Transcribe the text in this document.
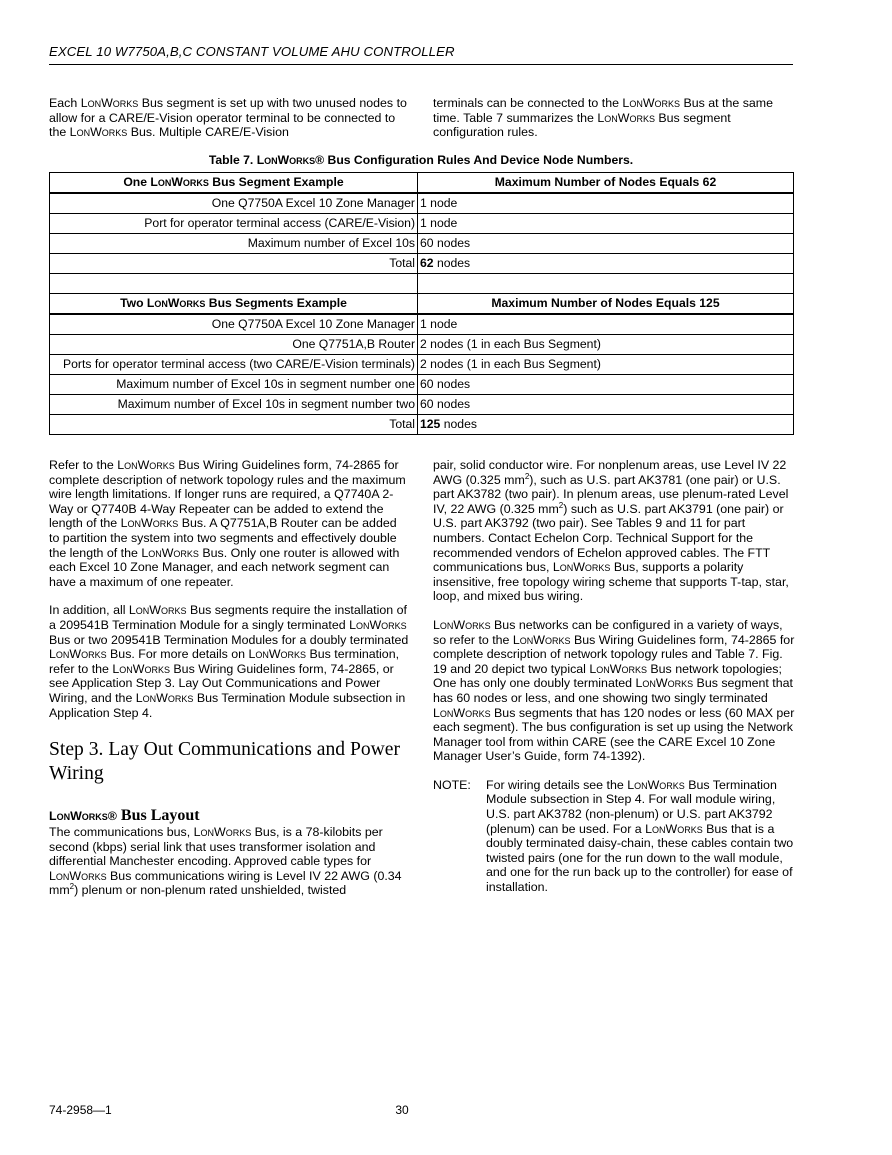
EXCEL 10 W7750A,B,C CONSTANT VOLUME AHU CONTROLLER

Each LonWorks Bus segment is set up with two unused nodes to allow for a CARE/E-Vision operator terminal to be connected to the LonWorks Bus. Multiple CARE/E-Vision

terminals can be connected to the LonWorks Bus at the same time. Table 7 summarizes the LonWorks Bus segment configuration rules.

Table 7. LonWorks® Bus Configuration Rules And Device Node Numbers.
One LonWorks Bus Segment Example	Maximum Number of Nodes Equals 62
One Q7750A Excel 10 Zone Manager	1 node
Port for operator terminal access (CARE/E-Vision)	1 node
Maximum number of Excel 10s	60 nodes
Total	62 nodes

Two LonWorks Bus Segments Example	Maximum Number of Nodes Equals 125
One Q7750A Excel 10 Zone Manager	1 node
One Q7751A,B Router	2 nodes (1 in each Bus Segment)
Ports for operator terminal access (two CARE/E-Vision terminals)	2 nodes (1 in each Bus Segment)
Maximum number of Excel 10s in segment number one	60 nodes
Maximum number of Excel 10s in segment number two	60 nodes
Total	125 nodes

Refer to the LonWorks Bus Wiring Guidelines form, 74-2865 for complete description of network topology rules and the maximum wire length limitations. If longer runs are required, a Q7740A 2-Way or Q7740B 4-Way Repeater can be added to extend the length of the LonWorks Bus. A Q7751A,B Router can be added to partition the system into two segments and effectively double the length of the LonWorks Bus. Only one router is allowed with each Excel 10 Zone Manager, and each network segment can have a maximum of one repeater.

In addition, all LonWorks Bus segments require the installation of a 209541B Termination Module for a singly terminated LonWorks Bus or two 209541B Termination Modules for a doubly terminated LonWorks Bus. For more details on LonWorks Bus termination, refer to the LonWorks Bus Wiring Guidelines form, 74-2865, or see Application Step 3. Lay Out Communications and Power Wiring, and the LonWorks Bus Termination Module subsection in Application Step 4.

Step 3. Lay Out Communications and Power Wiring
LonWorks® Bus Layout

The communications bus, LonWorks Bus, is a 78-kilobits per second (kbps) serial link that uses transformer isolation and differential Manchester encoding. Approved cable types for LonWorks Bus communications wiring is Level IV 22 AWG (0.34 $mm^2$) plenum or non-plenum rated unshielded, twisted

pair, solid conductor wire. For nonplenum areas, use Level IV 22 AWG (0.325 $mm^2$), such as U.S. part AK3781 (one pair) or U.S. part AK3782 (two pair). In plenum areas, use plenum-rated Level IV, 22 AWG (0.325 $mm^2$) such as U.S. part AK3791 (one pair) or U.S. part AK3792 (two pair). See Tables 9 and 11 for part numbers. Contact Echelon Corp. Technical Support for the recommended vendors of Echelon approved cables. The FTT communications bus, LonWorks Bus, supports a polarity insensitive, free topology wiring scheme that supports T-tap, star, loop, and mixed bus wiring.

LonWorks Bus networks can be configured in a variety of ways, so refer to the LonWorks Bus Wiring Guidelines form, 74-2865 for complete description of network topology rules and Table 7. Fig. 19 and 20 depict two typical LonWorks Bus network topologies; One has only one doubly terminated LonWorks Bus segment that has 60 nodes or less, and one showing two singly terminated LonWorks Bus segments that has 120 nodes or less (60 MAX per each segment). The bus configuration is set up using the Network Manager tool from within CARE (see the CARE Excel 10 Zone Manager User’s Guide, form 74-1392).

NOTE:	For wiring details see the LonWorks Bus Termination Module subsection in Step 4. For wall module wiring, U.S. part AK3782 (non-plenum) or U.S. part AK3792 (plenum) can be used. For a LonWorks Bus that is a doubly terminated daisy-chain, these cables contain two twisted pairs (one for the run down to the wall module, and one for the run back up to the controller) for ease of installation.
74-2958—1	30
